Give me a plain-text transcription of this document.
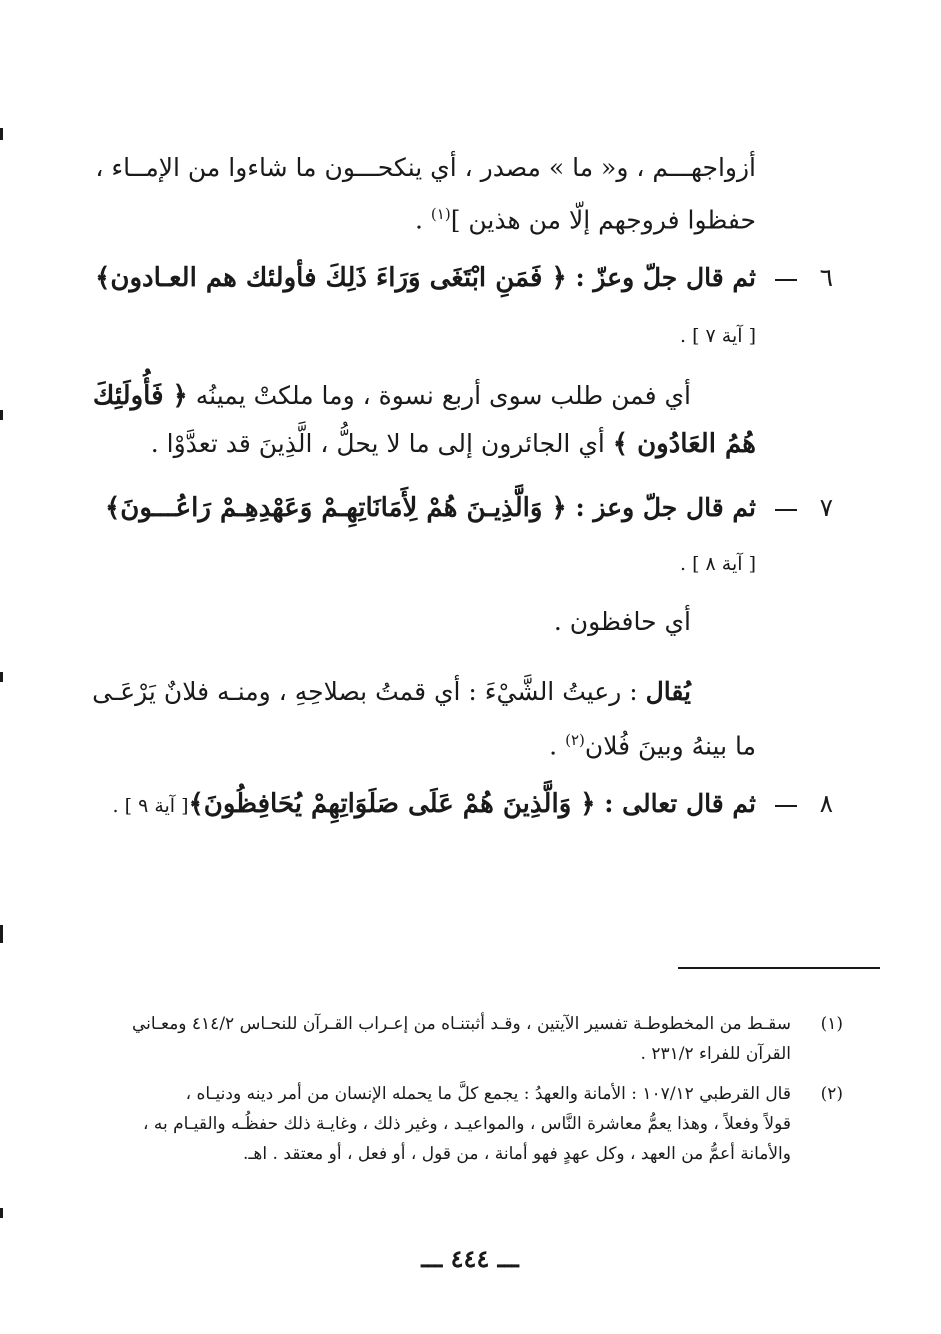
أزواجهـــم ، و« ما » مصدر ، أي ينكحـــون ما شاءوا من الإمــاء ،
حفظوا فروجهم إلّا من هذين ]$^{(١)}$ .
٦
ثم قال جلّ وعزّ : ﴿ فَمَنِ ابْتَغَى وَرَاءَ ذَلِكَ فأولئك هم العـادون﴾
[ آية ٧ ] .
أي فمن طلب سوى أربع نسوة ، وما ملكتْ يمينُه ﴿ فَأُولَئِكَ
هُمُ العَادُون ﴾ أي الجائرون إلى ما لا يحلُّ ، الَّذِينَ قد تعدَّوْا .
٧
ثم قال جلّ وعز : ﴿ وَالَّذِيـنَ هُمْ لِأَمَانَاتِهِـمْ وَعَهْدِهِـمْ رَاعُـــونَ﴾
[ آية ٨ ] .
أي حافظون .
يُقال : رعيتُ الشَّيْءَ : أي قمتُ بصلاحِهِ ، ومنـه فلانٌ يَرْعَـى
ما بينهُ وبينَ فُلان$^{(٢)}$ .
٨
ثم قال تعالى : ﴿ وَالَّذِينَ هُمْ عَلَى صَلَوَاتِهِمْ يُحَافِظُونَ﴾[ آية ٩ ] .
(١)
سقـط من المخطوطـة تفسير الآيتين ، وقـد أثبتنـاه من إعـراب القـرآن للنحـاس ٤١٤/٢ ومعـاني
القرآن للفراء ٢٣١/٢ .
(٢)
قال القرطبي ١٠٧/١٢ : الأمانة والعهدُ : يجمع كلَّ ما يحمله الإنسان من أمر دينه ودنيـاه ،
قولاً وفعلاً ، وهذا يعمُّ معاشرة النَّاس ، والمواعيـد ، وغير ذلك ، وغايـة ذلك حفظُـه والقيـام به ،
والأمانة أعمُّ من العهد ، وكل عهدٍ فهو أمانة ، من قول ، أو فعل ، أو معتقد . اهـ.
ـــ ٤٤٤ ـــ
